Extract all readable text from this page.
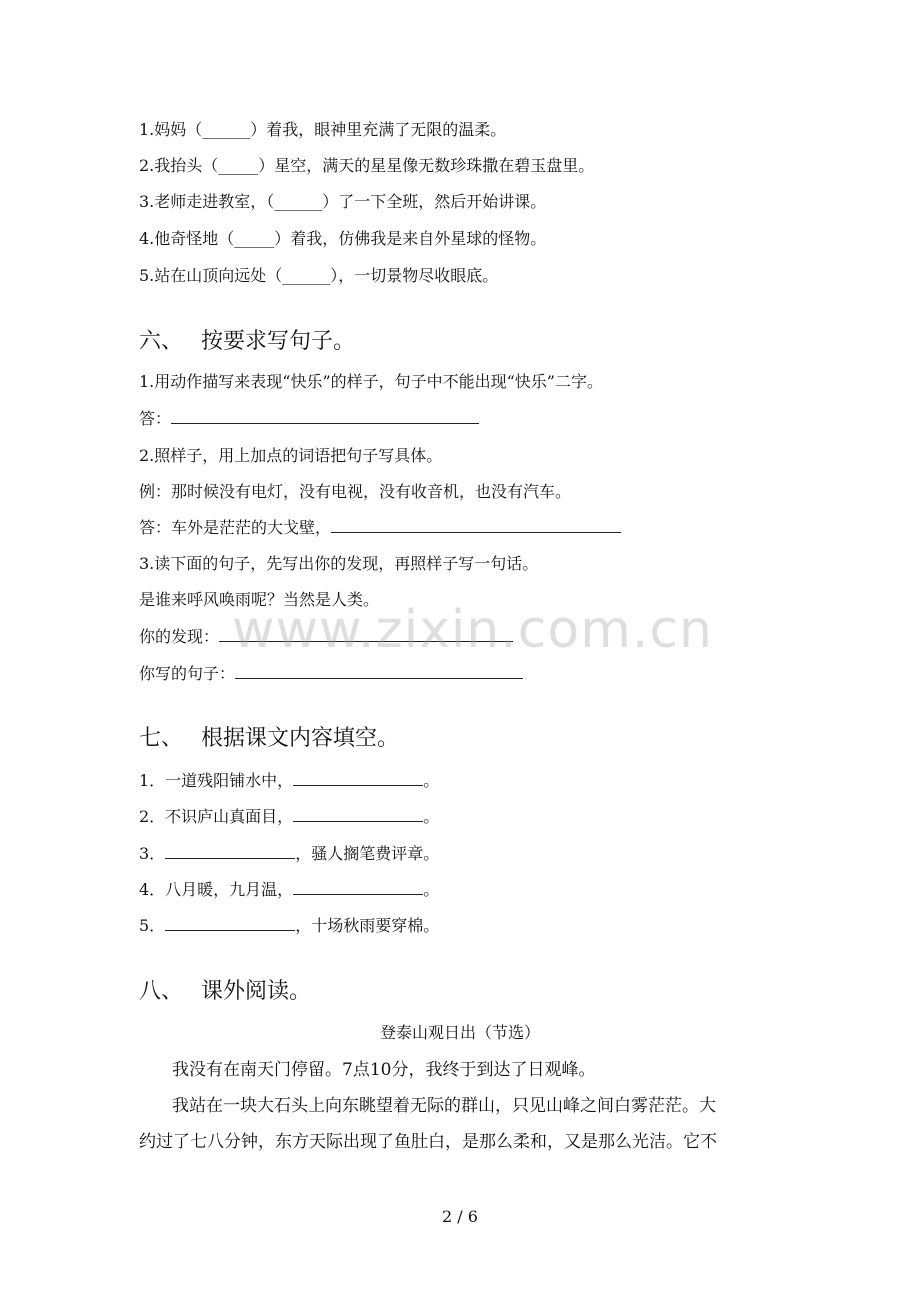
1.妈妈（______）着我，眼神里充满了无限的温柔。
2.我抬头（_____）星空，满天的星星像无数珍珠撒在碧玉盘里。
3.老师走进教室，（______）了一下全班，然后开始讲课。
4.他奇怪地（_____）着我，仿佛我是来自外星球的怪物。
5.站在山顶向远处（______），一切景物尽收眼底。
六、 按要求写句子。
1.用动作描写来表现“快乐”的样子，句子中不能出现“快乐”二字。
答：
2.照样子，用上加点的词语把句子写具体。
例：那时候没有电灯，没有电视，没有收音机，也没有汽车。
答：车外是茫茫的大戈壁，
3.读下面的句子，先写出你的发现，再照样子写一句话。
是谁来呼风唤雨呢？当然是人类。
你的发现：
你写的句子：
七、 根据课文内容填空。
1．一道残阳铺水中，	。
2．不识庐山真面目，	。
3．	，骚人搁笔费评章。
4．八月暖，九月温，	。
5．	，十场秋雨要穿棉。
八、 课外阅读。
登泰山观日出（节选）
我没有在南天门停留。7点10分，我终于到达了日观峰。
我站在一块大石头上向东眺望着无际的群山，只见山峰之间白雾茫茫。大
约过了七八分钟，东方天际出现了鱼肚白，是那么柔和，又是那么光洁。它不
www.zixin.com.cn
2 / 6
